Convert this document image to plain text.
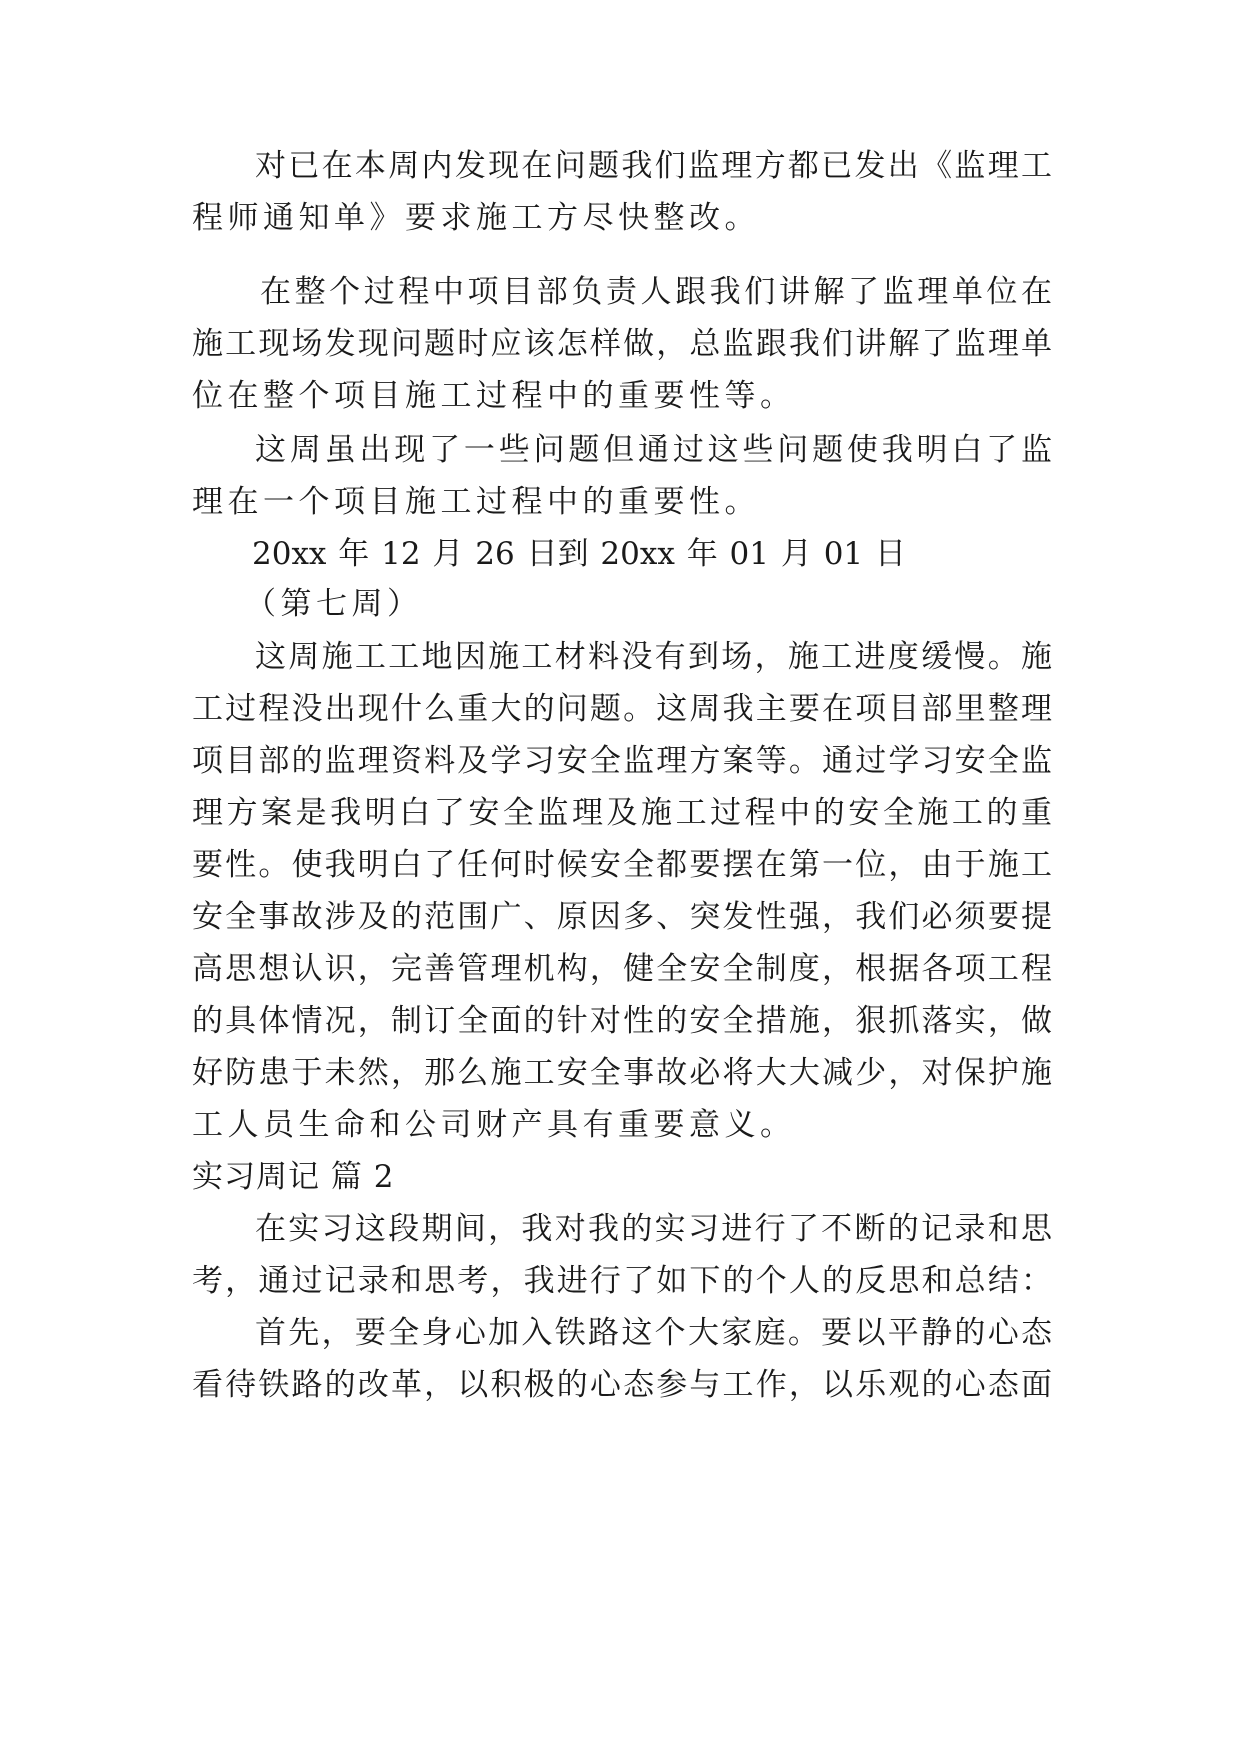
对已在本周内发现在问题我们监理方都已发出《监理工
程师通知单》要求施工方尽快整改。
在整个过程中项目部负责人跟我们讲解了监理单位在
施工现场发现问题时应该怎样做，总监跟我们讲解了监理单
位在整个项目施工过程中的重要性等。
这周虽出现了一些问题但通过这些问题使我明白了监
理在一个项目施工过程中的重要性。
20xx 年 12 月 26 日到 20xx 年 01 月 01 日
（第七周）
这周施工工地因施工材料没有到场，施工进度缓慢。施
工过程没出现什么重大的问题。这周我主要在项目部里整理
项目部的监理资料及学习安全监理方案等。通过学习安全监
理方案是我明白了安全监理及施工过程中的安全施工的重
要性。使我明白了任何时候安全都要摆在第一位，由于施工
安全事故涉及的范围广、原因多、突发性强，我们必须要提
高思想认识，完善管理机构，健全安全制度，根据各项工程
的具体情况，制订全面的针对性的安全措施，狠抓落实，做
好防患于未然，那么施工安全事故必将大大减少，对保护施
工人员生命和公司财产具有重要意义。
实习周记 篇 2
在实习这段期间，我对我的实习进行了不断的记录和思
考，通过记录和思考，我进行了如下的个人的反思和总结：
首先，要全身心加入铁路这个大家庭。要以平静的心态
看待铁路的改革，以积极的心态参与工作，以乐观的心态面
